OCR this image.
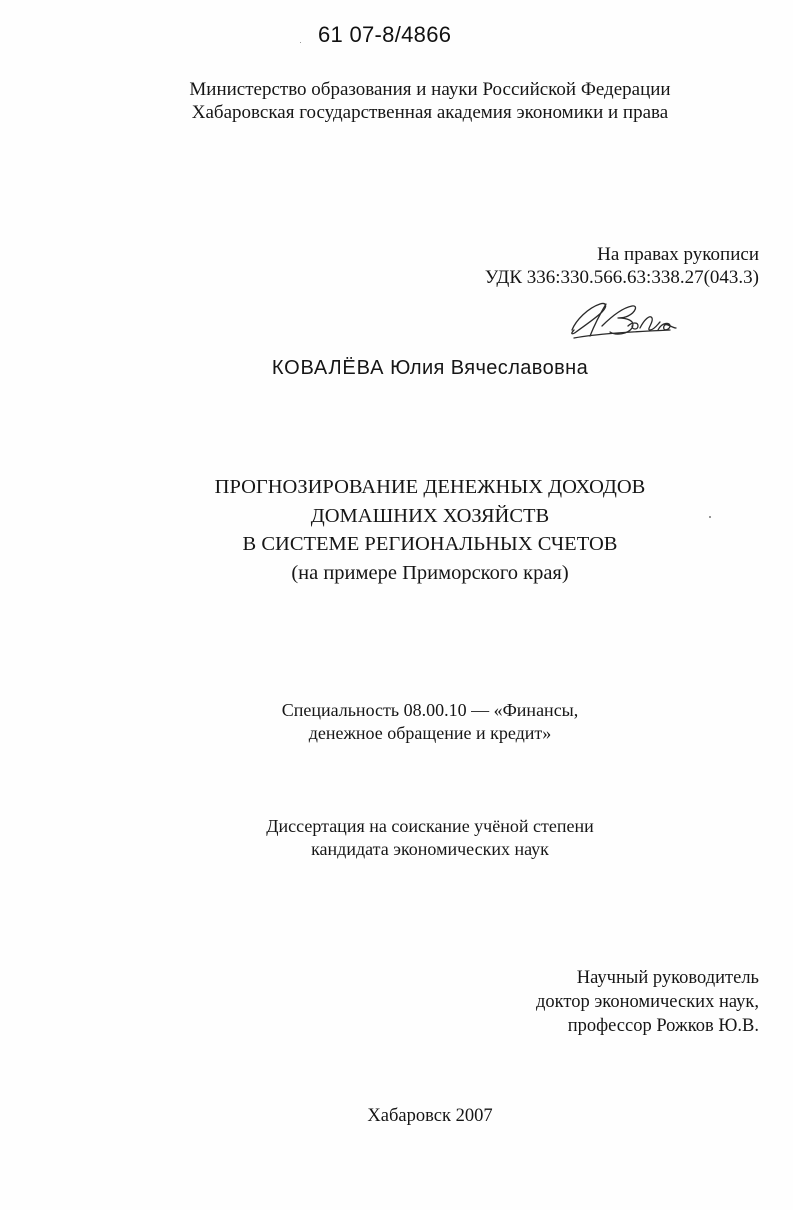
61 07-8/4866
Министерство образования и науки Российской Федерации
Хабаровская государственная академия экономики и права
На правах рукописи
УДК 336:330.566.63:338.27(043.3)
КОВАЛЁВА Юлия Вячеславовна
ПРОГНОЗИРОВАНИЕ ДЕНЕЖНЫХ ДОХОДОВ
ДОМАШНИХ ХОЗЯЙСТВ
В СИСТЕМЕ РЕГИОНАЛЬНЫХ СЧЕТОВ
(на примере Приморского края)
Специальность 08.00.10 — «Финансы,
денежное обращение и кредит»
Диссертация на соискание учёной степени
кандидата экономических наук
Научный руководитель
доктор экономических наук,
профессор Рожков Ю.В.
Хабаровск 2007
